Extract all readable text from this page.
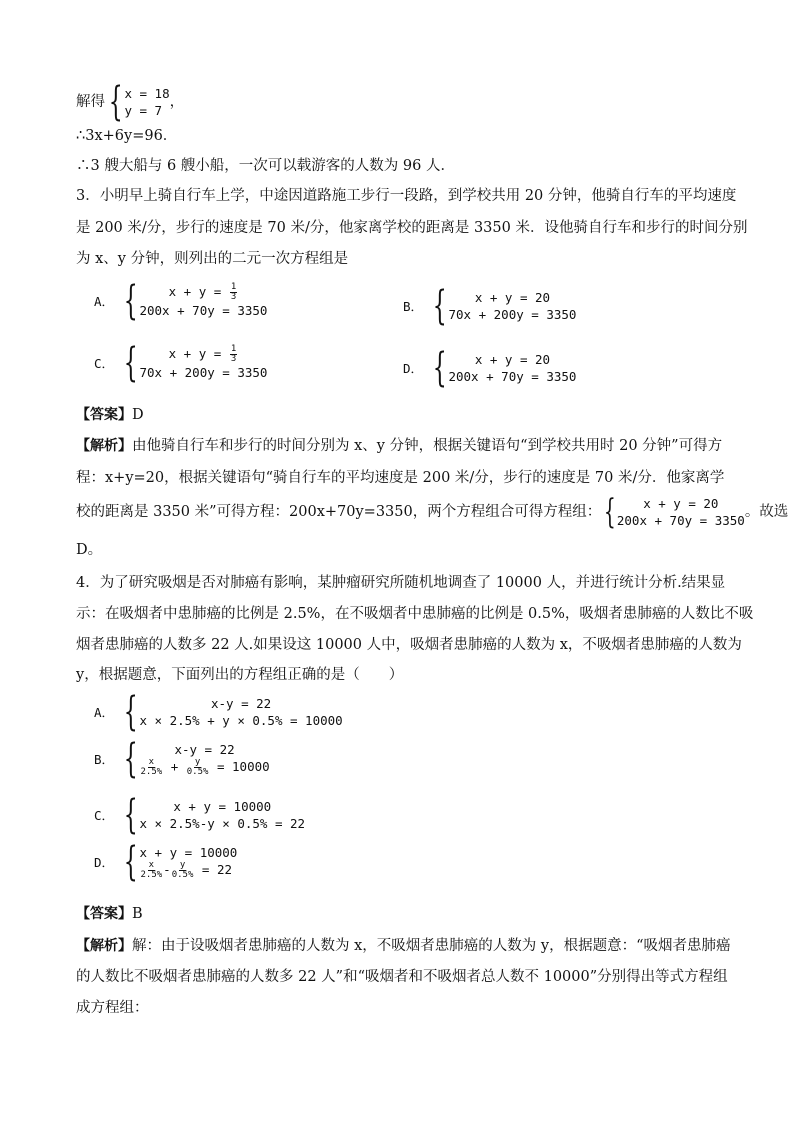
解得 { x = 18
y = 7
，
∴3x+6y=96．
∴3 艘大船与 6 艘小船，一次可以载游客的人数为 96 人．
3．小明早上骑自行车上学，中途因道路施工步行一段路，到学校共用 20 分钟，他骑自行车的平均速度
是 200 米/分，步行的速度是 70 米/分，他家离学校的距离是 3350 米．设他骑自行车和步行的时间分别
为 x、y 分钟，则列出的二元一次方程组是
A． {	$x + y = \frac{1}{3}$
200x + 70y = 3350	B． {	x + y = 20
70x + 200y = 3350
C． {	$x + y = \frac{1}{3}$
70x + 200y = 3350	D． {	x + y = 20
200x + 70y = 3350
【答案】D
【解析】由他骑自行车和步行的时间分别为 x、y 分钟，根据关键语句“到学校共用时 20 分钟”可得方
程：x+y=20，根据关键语句“骑自行车的平均速度是 200 米/分，步行的速度是 70 米/分．他家离学
校的距离是 3350 米”可得方程：200x+70y=3350，两个方程组合可得方程组： {	x + y = 20
200x + 70y = 3350
。故选
D。
4．为了研究吸烟是否对肺癌有影响，某肿瘤研究所随机地调查了 10000 人，并进行统计分析.结果显
示：在吸烟者中患肺癌的比例是 2.5%，在不吸烟者中患肺癌的比例是 0.5%，吸烟者患肺癌的人数比不吸
烟者患肺癌的人数多 22 人.如果设这 10000 人中，吸烟者患肺癌的人数为 x，不吸烟者患肺癌的人数为
y，根据题意，下面列出的方程组正确的是（　　）
A． {	x-y = 22
x × 2.5% + y × 0.5% = 10000
B． {	x-y = 22
$\frac{x}{2.5\%} + \frac{y}{0.5\%} = 10000$
C． {	x + y = 10000
x × 2.5%-y × 0.5% = 22
D． { x + y = 10000
$\frac{x}{2.5\%} - \frac{y}{0.5\%} = 22$
【答案】B
【解析】解：由于设吸烟者患肺癌的人数为 x，不吸烟者患肺癌的人数为 y，根据题意：“吸烟者患肺癌
的人数比不吸烟者患肺癌的人数多 22 人”和“吸烟者和不吸烟者总人数不 10000”分别得出等式方程组
成方程组：
